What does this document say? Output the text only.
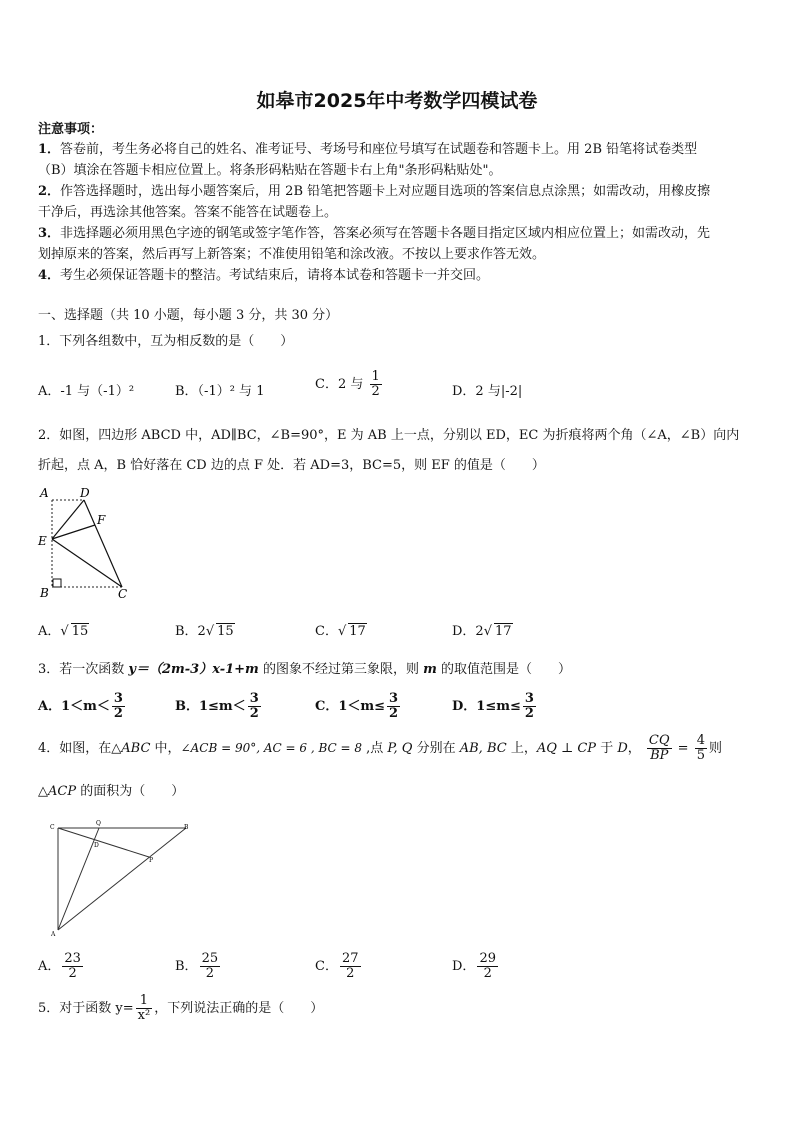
如皋市2025年中考数学四模试卷
注意事项：
1．答卷前，考生务必将自己的姓名、准考证号、考场号和座位号填写在试题卷和答题卡上。用 2B 铅笔将试卷类型
（B）填涂在答题卡相应位置上。将条形码粘贴在答题卡右上角"条形码粘贴处"。
2．作答选择题时，选出每小题答案后，用 2B 铅笔把答题卡上对应题目选项的答案信息点涂黑；如需改动，用橡皮擦
干净后，再选涂其他答案。答案不能答在试题卷上。
3．非选择题必须用黑色字迹的钢笔或签字笔作答，答案必须写在答题卡各题目指定区域内相应位置上；如需改动，先
划掉原来的答案，然后再写上新答案；不准使用铅笔和涂改液。不按以上要求作答无效。
4．考生必须保证答题卡的整洁。考试结束后，请将本试卷和答题卡一并交回。
一、选择题（共 10 小题，每小题 3 分，共 30 分）
1．下列各组数中，互为相反数的是（　　）
A．-1 与（-1）²	B．（-1）² 与 1	C．2 与 $\frac{1}{2}$	D．2 与|-2|
2．如图，四边形 ABCD 中，AD∥BC，∠B=90°，E 为 AB 上一点，分别以 ED，EC 为折痕将两个角（∠A，∠B）向内
折起，点 A，B 恰好落在 CD 边的点 F 处．若 AD=3，BC=5，则 EF 的值是（　　）
A	D
F
E
B	C
A．√ 15	B．2√ 15	C．√ 17	D．2√ 17
3．若一次函数 y＝（2m-3）x-1+m 的图象不经过第三象限，则 m 的取值范围是（　　）
A．$1<m< \frac{3}{2}$	B．$1\le m< \frac{3}{2}$	C．$1<m\le \frac{3}{2}$	D．$1\le m\le \frac{3}{2}$
4．如图，在△ABC 中，∠ACB = 90°, AC = 6 , BC = 8 ,点 P, Q 分别在 AB, BC 上，AQ ⊥ CP 于 D， $\frac{CQ}{BP} = \frac{4}{5}$ 则
△ACP 的面积为（　　）
C
Q
B
D
P
A
A． $\frac{23}{2}$	B． $\frac{25}{2}$	C． $\frac{27}{2}$	D． $\frac{29}{2}$
5．对于函数 $y= \frac{1}{\text{x²}}$ ，下列说法正确的是（　　）
